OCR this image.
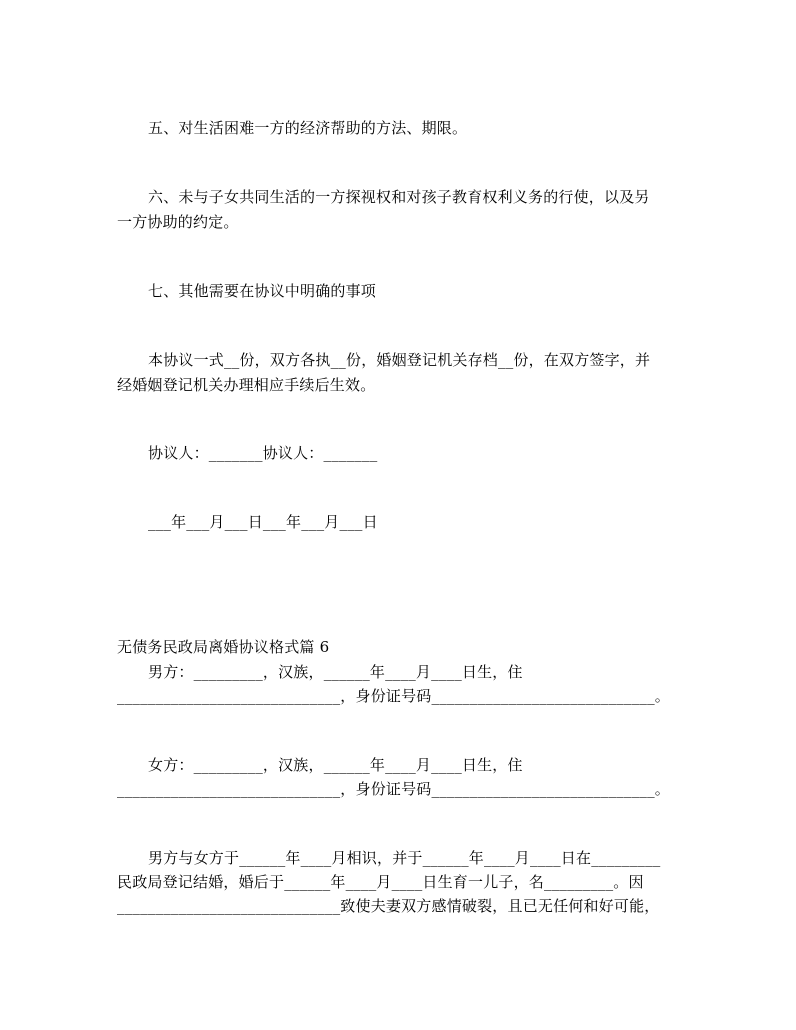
五、对生活困难一方的经济帮助的方法、期限。
六、未与子女共同生活的一方探视权和对孩子教育权利义务的行使，以及另
一方协助的约定。
七、其他需要在协议中明确的事项
本协议一式__份，双方各执__份，婚姻登记机关存档__份，在双方签字，并
经婚姻登记机关办理相应手续后生效。
协议人：_______协议人：_______
___年___月___日___年___月___日
无债务民政局离婚协议格式篇 6
男方：_________，汉族，______年____月____日生，住
_____________________________，身份证号码_____________________________。
女方：_________，汉族，______年____月____日生，住
_____________________________，身份证号码_____________________________。
男方与女方于______年____月相识，并于______年____月____日在_________
民政局登记结婚，婚后于______年____月____日生育一儿子，名_________。因
_____________________________致使夫妻双方感情破裂，且已无任何和好可能，
